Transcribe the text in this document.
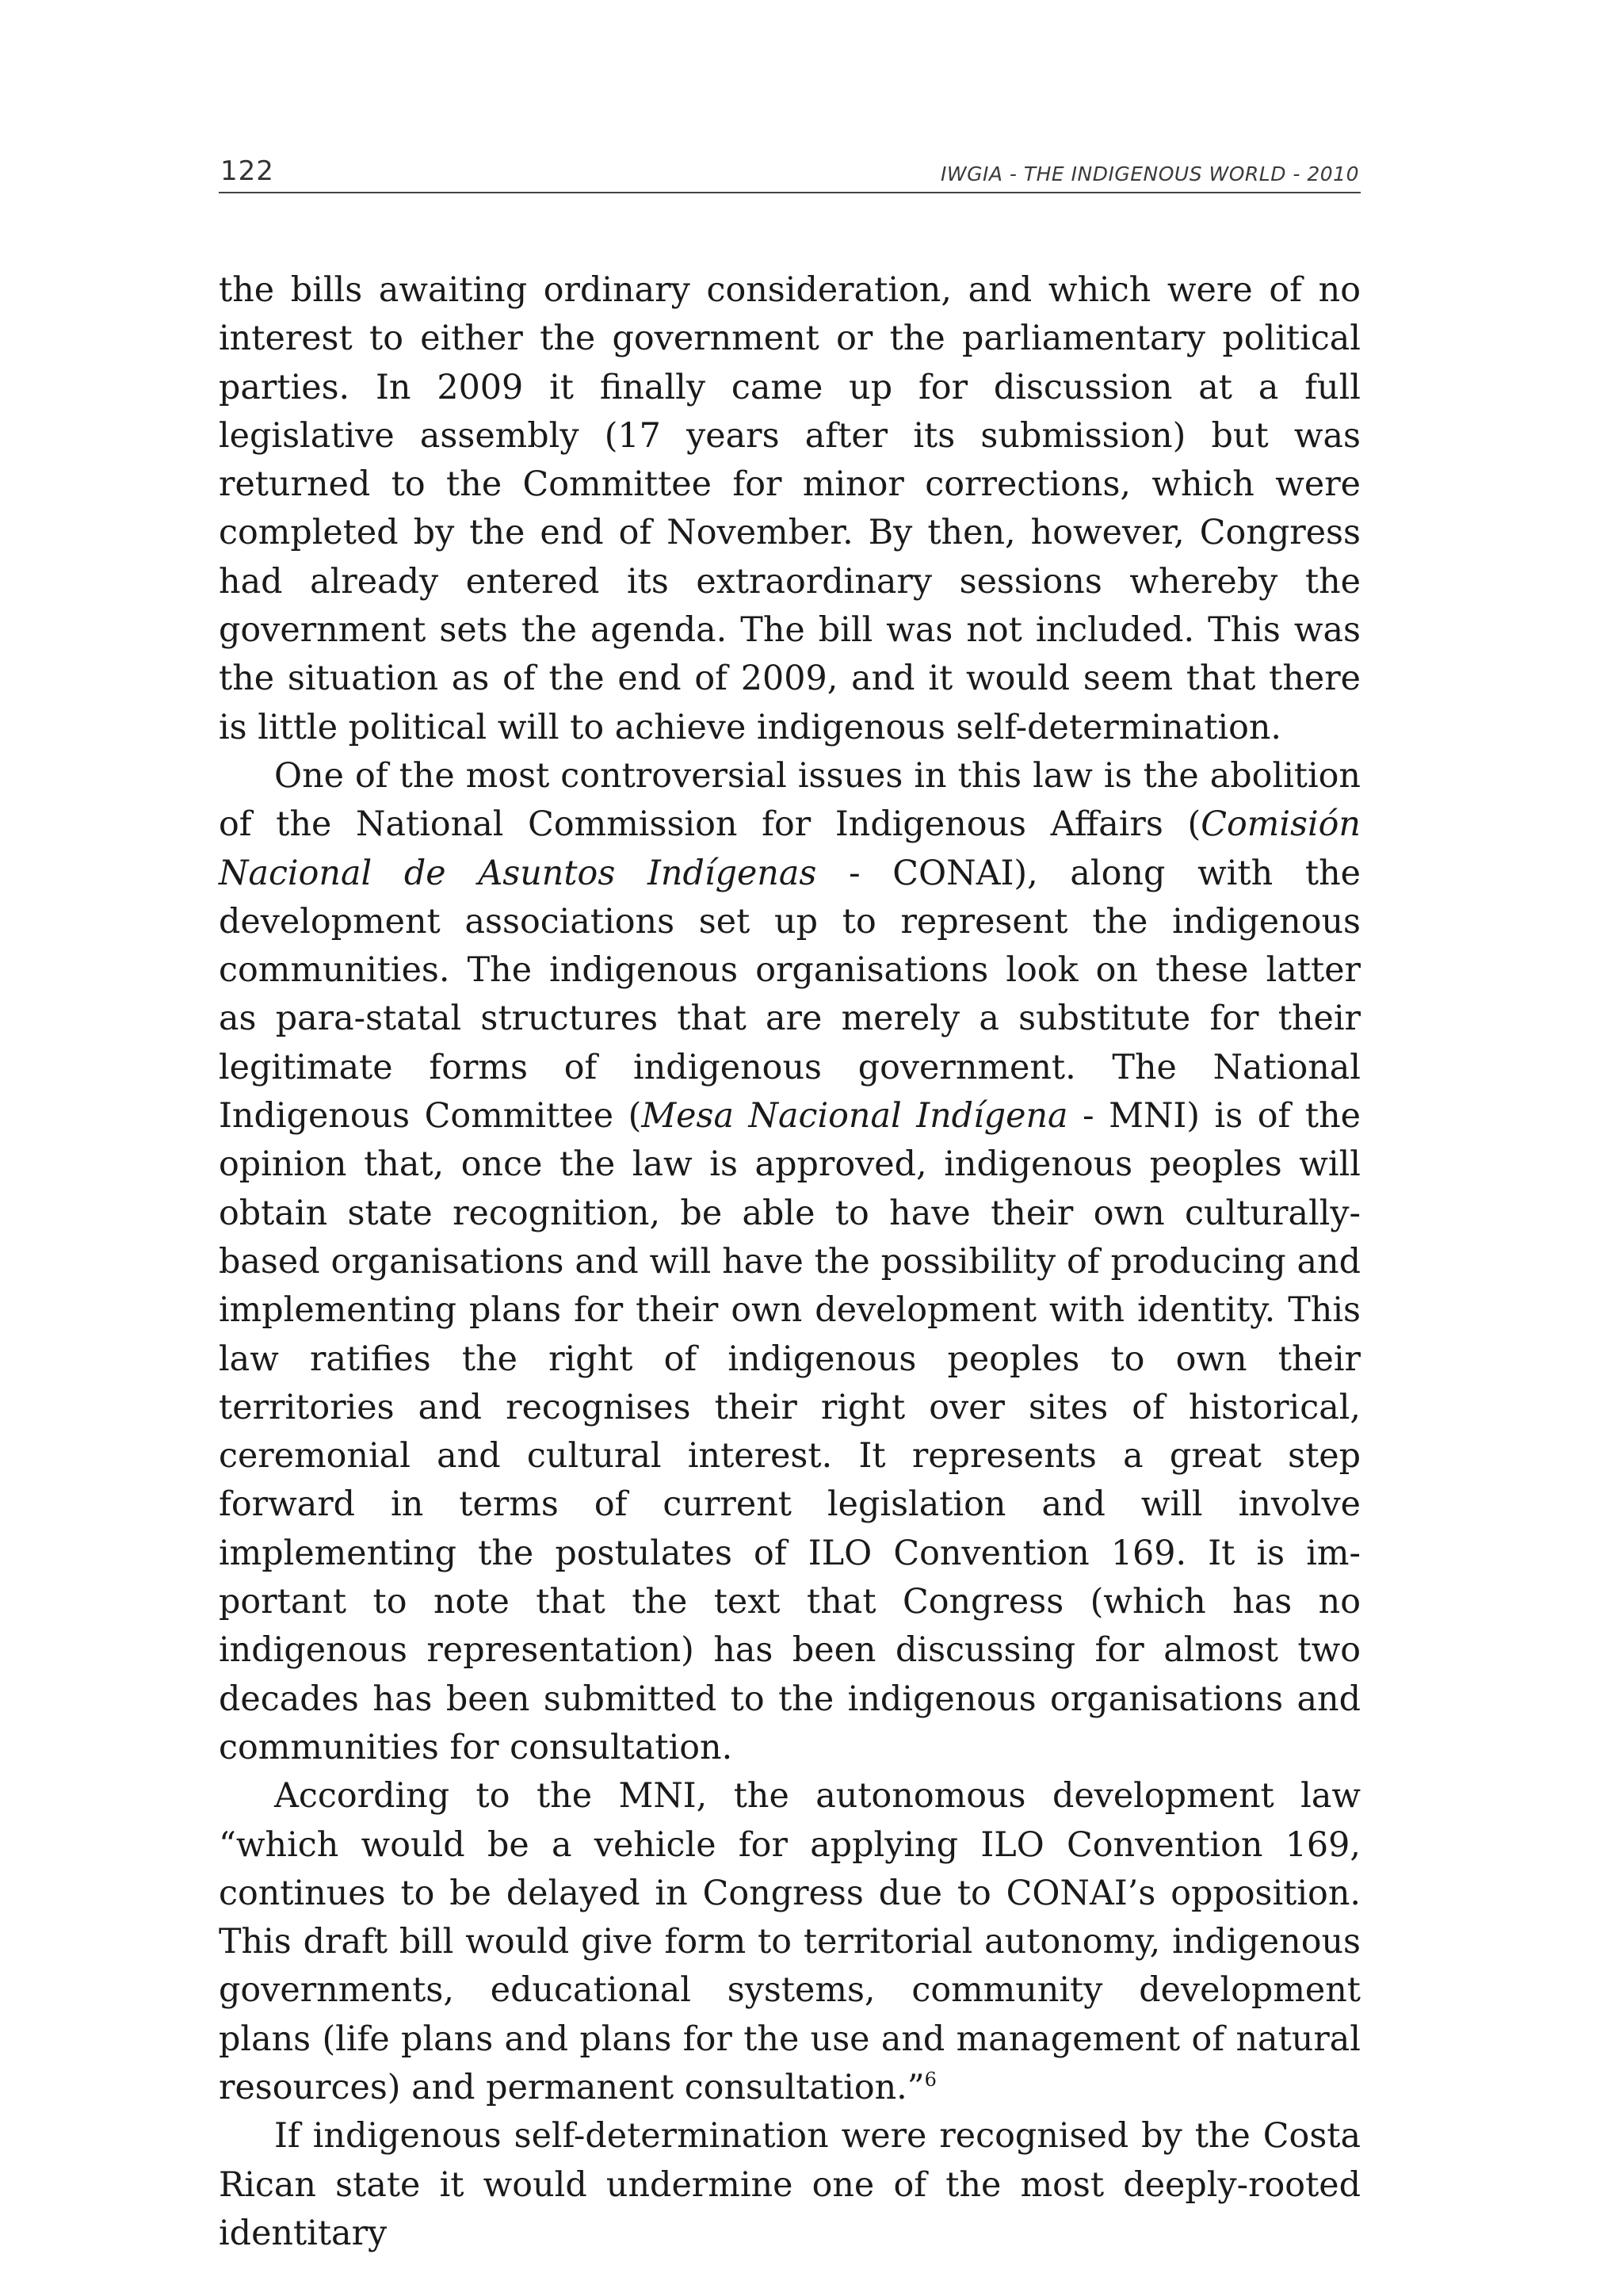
122	IWGIA - THE INDIGENOUS WORLD - 2010

the bills awaiting ordinary consideration, and which were of no interest to either the government or the parliamentary political parties. In 2009 it finally came up for discussion at a full legislative assembly (17 years after its submission) but was returned to the Committee for minor corrections, which were completed by the end of November. By then, however, Congress had already entered its extraordinary sessions whereby the government sets the agenda. The bill was not included. This was the situation as of the end of 2009, and it would seem that there is little political will to achieve indigenous self-determination.

One of the most controversial issues in this law is the abolition of the National Commission for Indigenous Affairs (Comisión Nacional de Asuntos Indígenas - CONAI), along with the development associations set up to represent the indigenous communities. The indigenous organisations look on these latter as para-statal structures that are merely a substitute for their legitimate forms of indigenous government. The National Indigenous Committee (Mesa Nacional Indígena - MNI) is of the opinion that, once the law is approved, indigenous peoples will obtain state recognition, be able to have their own culturally-based organisations and will have the possibility of producing and implementing plans for their own development with identity. This law ratifies the right of indigenous peoples to own their territories and recognises their right over sites of historical, ceremonial and cultural interest. It represents a great step forward in terms of current legislation and will involve implementing the postulates of ILO Convention 169. It is important to note that the text that Congress (which has no indigenous representation) has been discussing for almost two decades has been submitted to the indigenous organisations and communities for consultation.

According to the MNI, the autonomous development law “which would be a vehicle for applying ILO Convention 169, continues to be delayed in Congress due to CONAI’s opposition. This draft bill would give form to territorial autonomy, indigenous governments, educational systems, community development plans (life plans and plans for the use and management of natural resources) and permanent consultation.”$^6$

If indigenous self-determination were recognised by the Costa Rican state it would undermine one of the most deeply-rooted identitary
